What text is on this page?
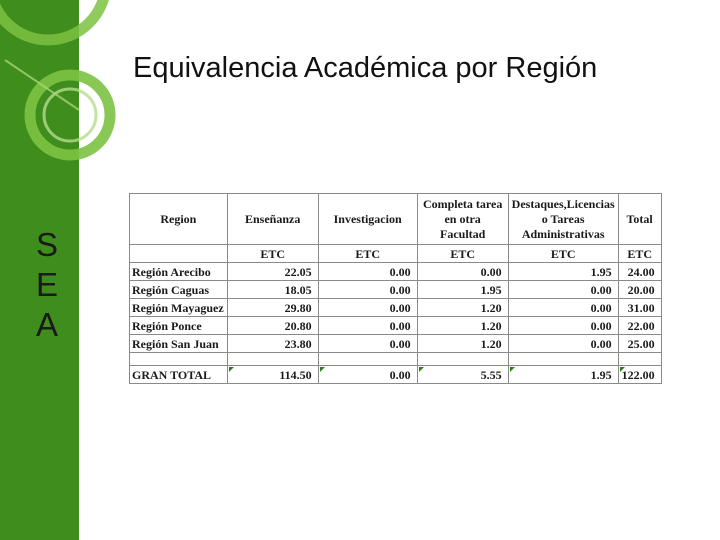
S
E
A
Equivalencia Académica por Región
Region	Enseñanza	Investigacion	Completa tarea en otra Facultad	Destaques,Licencias o Tareas Administrativas	Total
	ETC	ETC	ETC	ETC	ETC
Región Arecibo	22.05	0.00	0.00	1.95	24.00
Región Caguas	18.05	0.00	1.95	0.00	20.00
Región Mayaguez	29.80	0.00	1.20	0.00	31.00
Región Ponce	20.80	0.00	1.20	0.00	22.00
Región San Juan	23.80	0.00	1.20	0.00	25.00

GRAN TOTAL	114.50	0.00	5.55	1.95	122.00
